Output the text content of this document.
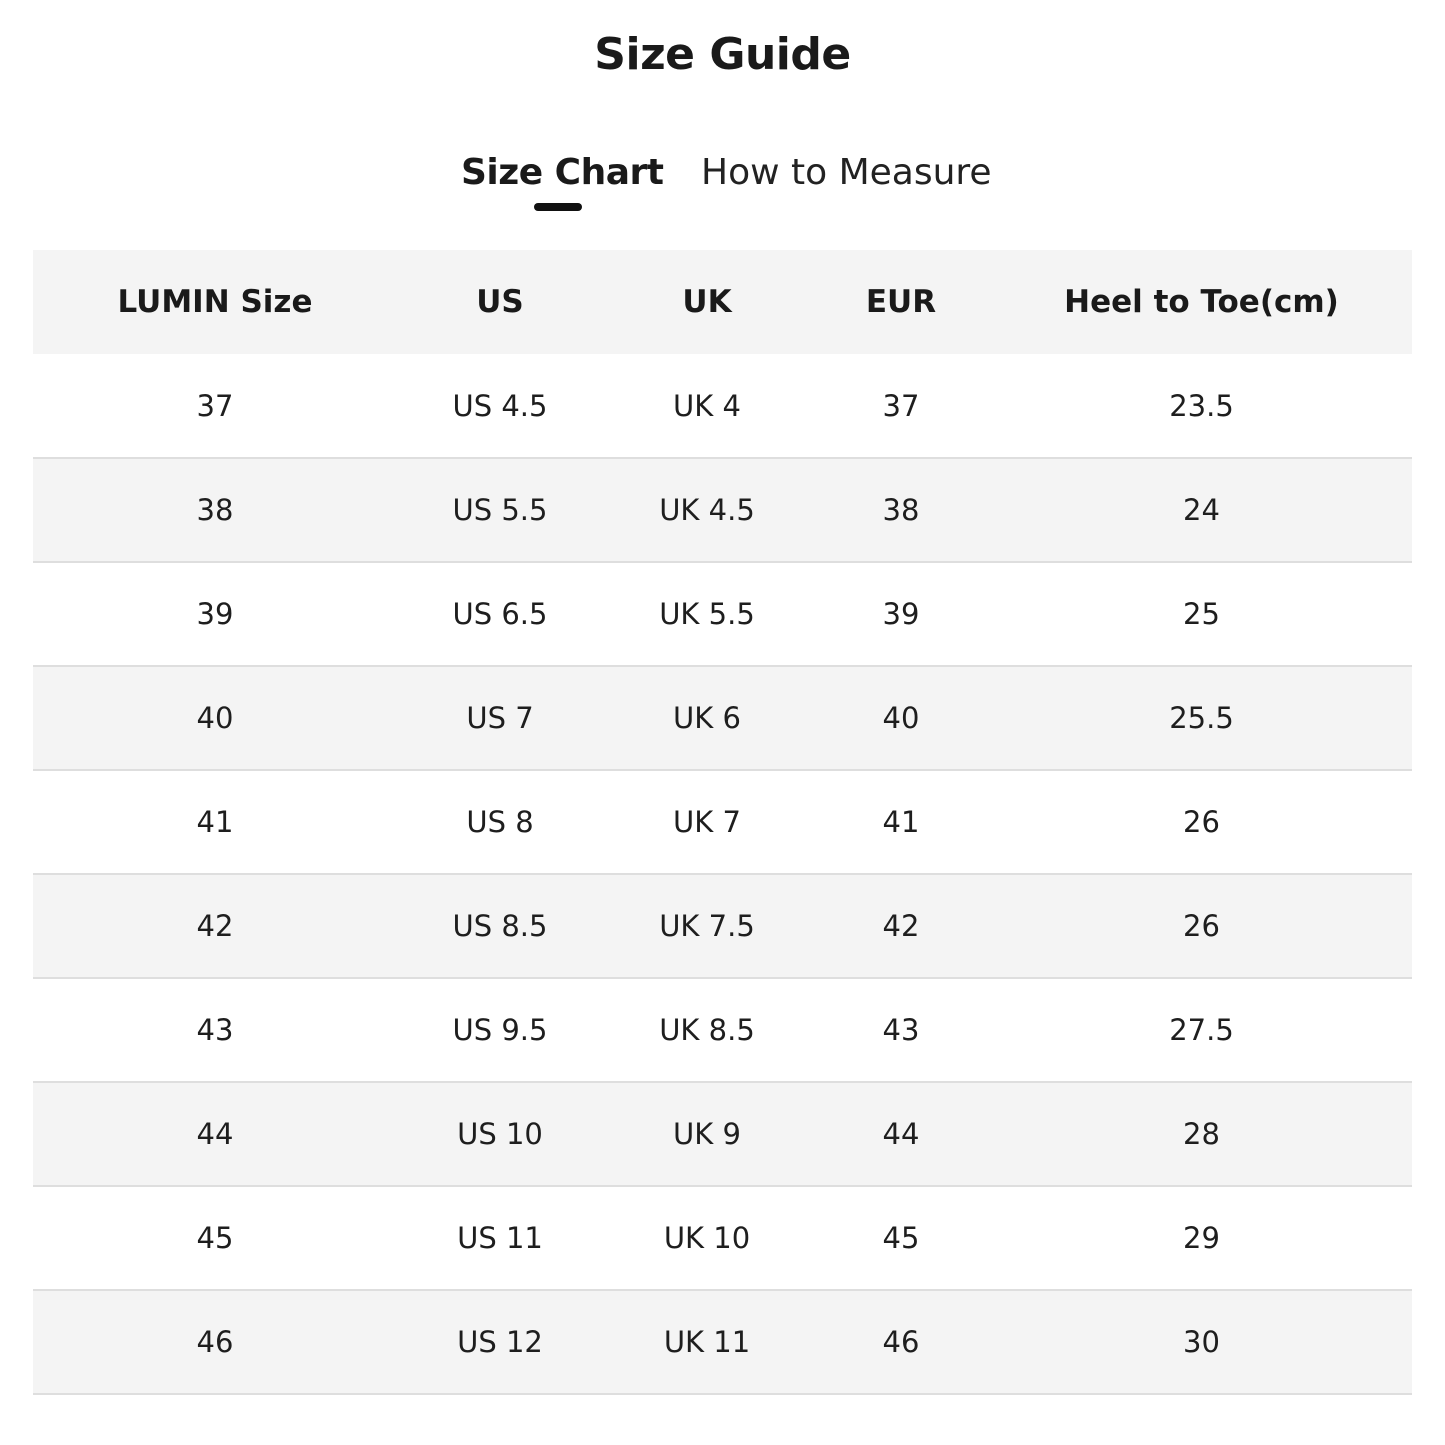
Size Guide
Size Chart How to Measure
LUMIN Size	US	UK	EUR	Heel to Toe(cm)
37	US 4.5	UK 4	37	23.5
38	US 5.5	UK 4.5	38	24
39	US 6.5	UK 5.5	39	25
40	US 7	UK 6	40	25.5
41	US 8	UK 7	41	26
42	US 8.5	UK 7.5	42	26
43	US 9.5	UK 8.5	43	27.5
44	US 10	UK 9	44	28
45	US 11	UK 10	45	29
46	US 12	UK 11	46	30
